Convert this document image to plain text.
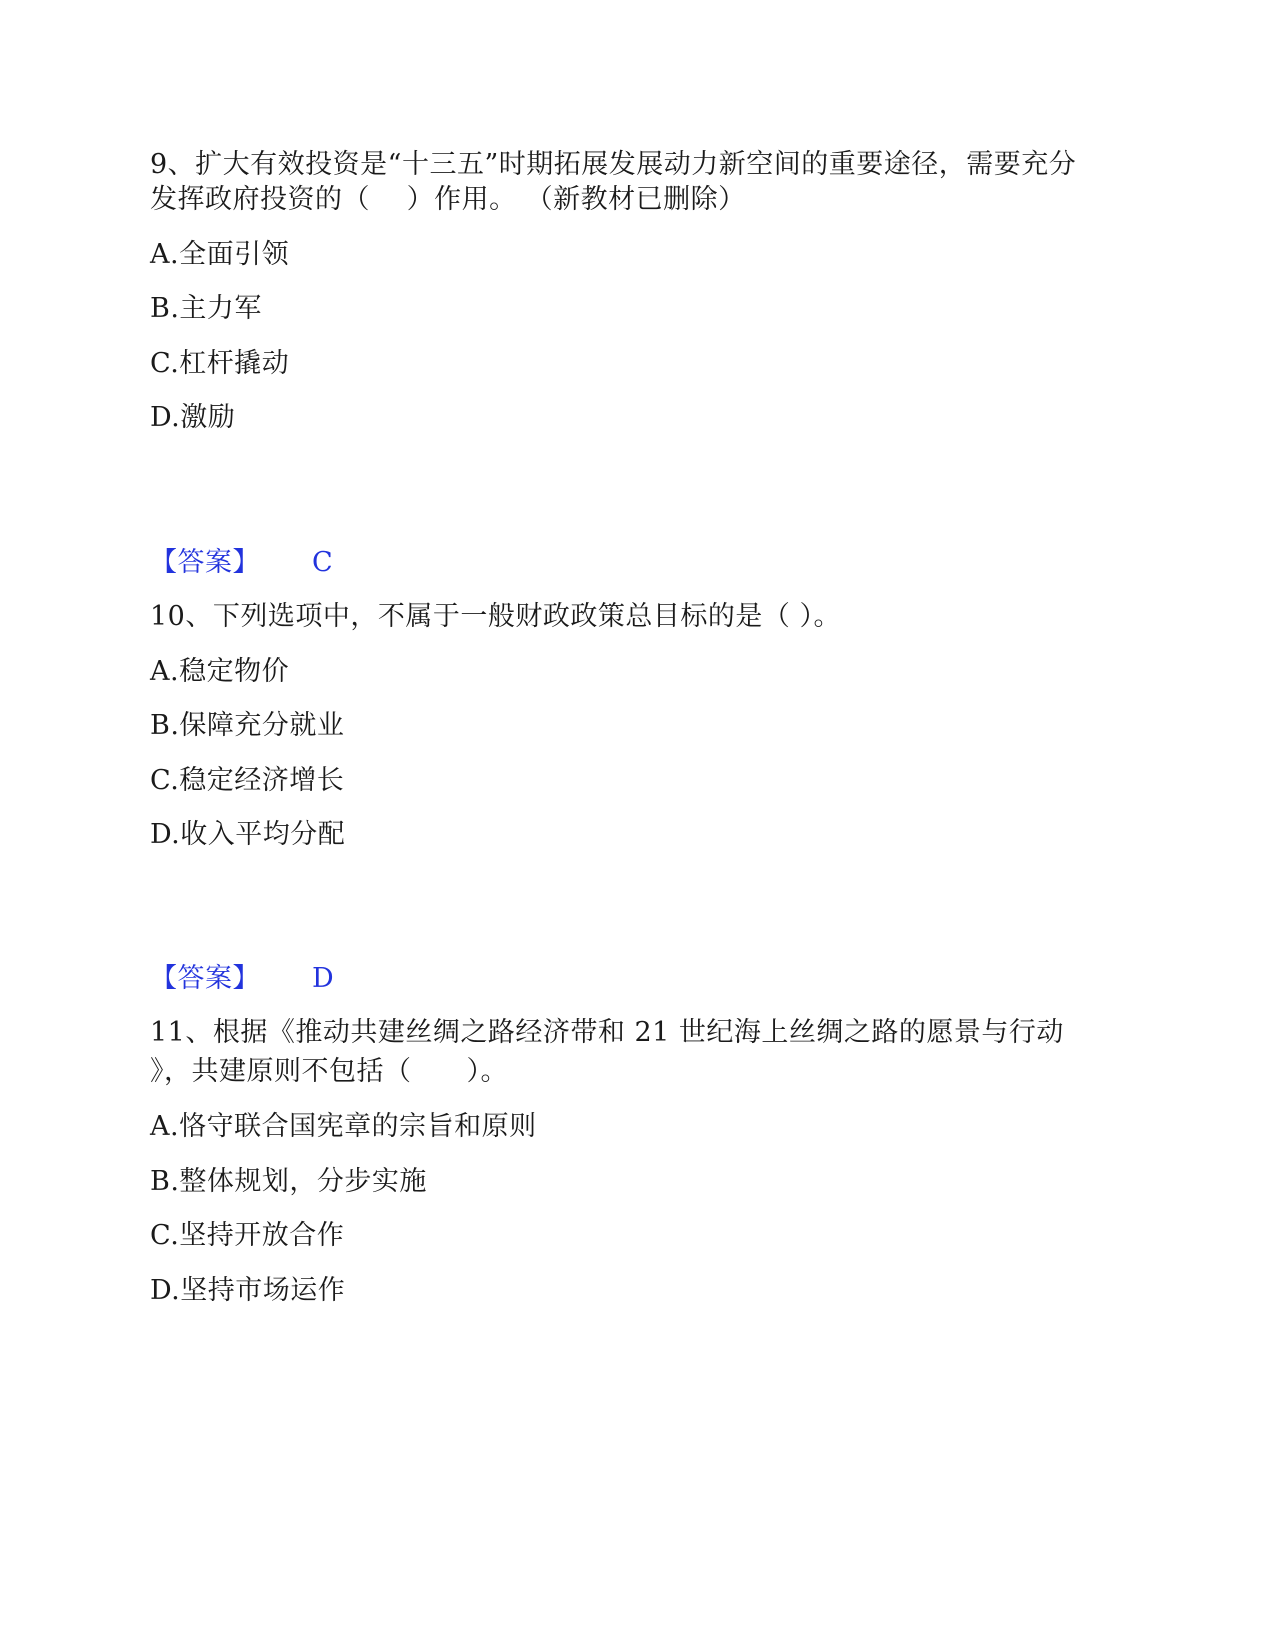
9、扩大有效投资是“十三五”时期拓展发展动力新空间的重要途径，需要充分
发挥政府投资的（　 ）作用。 （新教材已删除）
A.全面引领
B.主力军
C.杠杆撬动
D.激励
【答案】 C
10、下列选项中，不属于一般财政政策总目标的是（ ）。
A.稳定物价
B.保障充分就业
C.稳定经济增长
D.收入平均分配
【答案】 D
11、根据《推动共建丝绸之路经济带和 21 世纪海上丝绸之路的愿景与行动
》，共建原则不包括（　　）。
A.恪守联合国宪章的宗旨和原则
B.整体规划，分步实施
C.坚持开放合作
D.坚持市场运作
